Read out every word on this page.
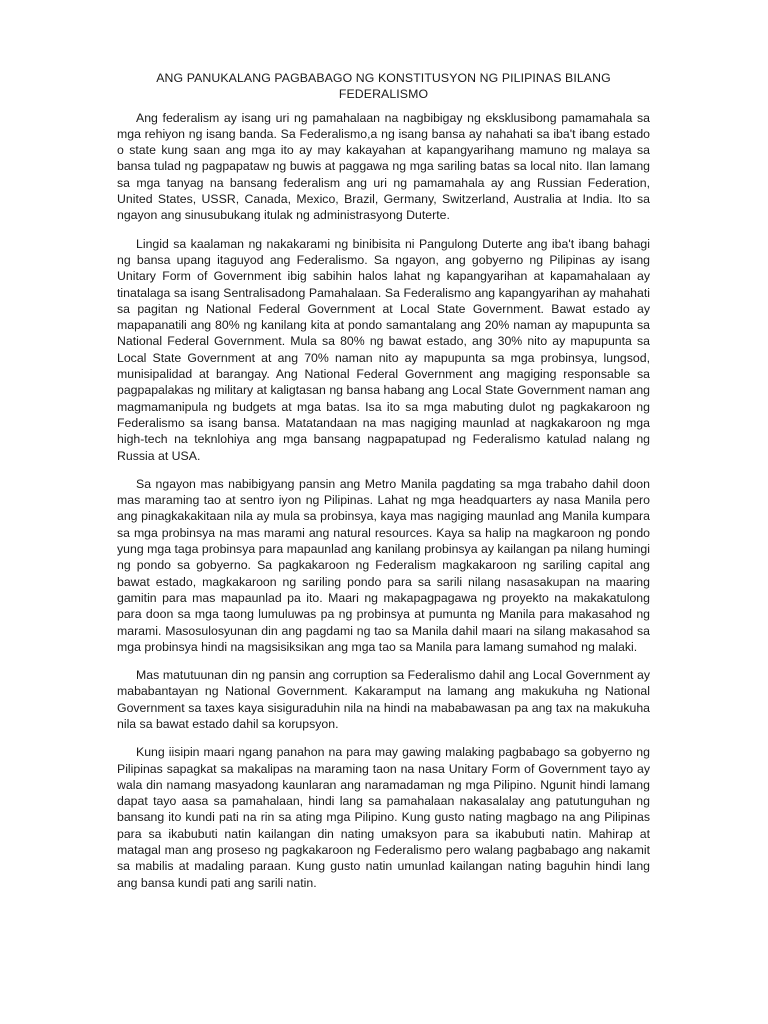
ANG PANUKALANG PAGBABAGO NG KONSTITUSYON NG PILIPINAS BILANG FEDERALISMO

Ang federalism ay isang uri ng pamahalaan na nagbibigay ng eksklusibong pamamahala sa mga rehiyon ng isang banda. Sa Federalismo,a ng isang bansa ay nahahati sa iba't ibang estado o state kung saan ang mga ito ay may kakayahan at kapangyarihang mamuno ng malaya sa bansa tulad ng pagpapataw ng buwis at paggawa ng mga sariling batas sa local nito. Ilan lamang sa mga tanyag na bansang federalism ang uri ng pamamahala ay ang Russian Federation, United States, USSR, Canada, Mexico, Brazil, Germany, Switzerland, Australia at India. Ito sa ngayon ang sinusubukang itulak ng administrasyong Duterte.

Lingid sa kaalaman ng nakakarami ng binibisita ni Pangulong Duterte ang iba't ibang bahagi ng bansa upang itaguyod ang Federalismo. Sa ngayon, ang gobyerno ng Pilipinas ay isang Unitary Form of Government ibig sabihin halos lahat ng kapangyarihan at kapamahalaan ay tinatalaga sa isang Sentralisadong Pamahalaan. Sa Federalismo ang kapangyarihan ay mahahati sa pagitan ng National Federal Government at Local State Government. Bawat estado ay mapapanatili ang 80% ng kanilang kita at pondo samantalang ang 20% naman ay mapupunta sa National Federal Government. Mula sa 80% ng bawat estado, ang 30% nito ay mapupunta sa Local State Government at ang 70% naman nito ay mapupunta sa mga probinsya, lungsod, munisipalidad at barangay. Ang National Federal Government ang magiging responsable sa pagpapalakas ng military at kaligtasan ng bansa habang ang Local State Government naman ang magmamanipula ng budgets at mga batas. Isa ito sa mga mabuting dulot ng pagkakaroon ng Federalismo sa isang bansa. Matatandaan na mas nagiging maunlad at nagkakaroon ng mga high-tech na teknlohiya ang mga bansang nagpapatupad ng Federalismo katulad nalang ng Russia at USA.

Sa ngayon mas nabibigyang pansin ang Metro Manila pagdating sa mga trabaho dahil doon mas maraming tao at sentro iyon ng Pilipinas. Lahat ng mga headquarters ay nasa Manila pero ang pinagkakakitaan nila ay mula sa probinsya, kaya mas nagiging maunlad ang Manila kumpara sa mga probinsya na mas marami ang natural resources. Kaya sa halip na magkaroon ng pondo yung mga taga probinsya para mapaunlad ang kanilang probinsya ay kailangan pa nilang humingi ng pondo sa gobyerno. Sa pagkakaroon ng Federalism magkakaroon ng sariling capital ang bawat estado, magkakaroon ng sariling pondo para sa sarili nilang nasasakupan na maaring gamitin para mas mapaunlad pa ito. Maari ng makapagpagawa ng proyekto na makakatulong para doon sa mga taong lumuluwas pa ng probinsya at pumunta ng Manila para makasahod ng marami. Masosulosyunan din ang pagdami ng tao sa Manila dahil maari na silang makasahod sa mga probinsya hindi na magsisiksikan ang mga tao sa Manila para lamang sumahod ng malaki.

Mas matutuunan din ng pansin ang corruption sa Federalismo dahil ang Local Government ay mababantayan ng National Government. Kakaramput na lamang ang makukuha ng National Government sa taxes kaya sisiguraduhin nila na hindi na mababawasan pa ang tax na makukuha nila sa bawat estado dahil sa korupsyon.

Kung iisipin maari ngang panahon na para may gawing malaking pagbabago sa gobyerno ng Pilipinas sapagkat sa makalipas na maraming taon na nasa Unitary Form of Government tayo ay wala din namang masyadong kaunlaran ang naramadaman ng mga Pilipino. Ngunit hindi lamang dapat tayo aasa sa pamahalaan, hindi lang sa pamahalaan nakasalalay ang patutunguhan ng bansang ito kundi pati na rin sa ating mga Pilipino. Kung gusto nating magbago na ang Pilipinas para sa ikabubuti natin kailangan din nating umaksyon para sa ikabubuti natin. Mahirap at matagal man ang proseso ng pagkakaroon ng Federalismo pero walang pagbabago ang nakamit sa mabilis at madaling paraan. Kung gusto natin umunlad kailangan nating baguhin hindi lang ang bansa kundi pati ang sarili natin.
